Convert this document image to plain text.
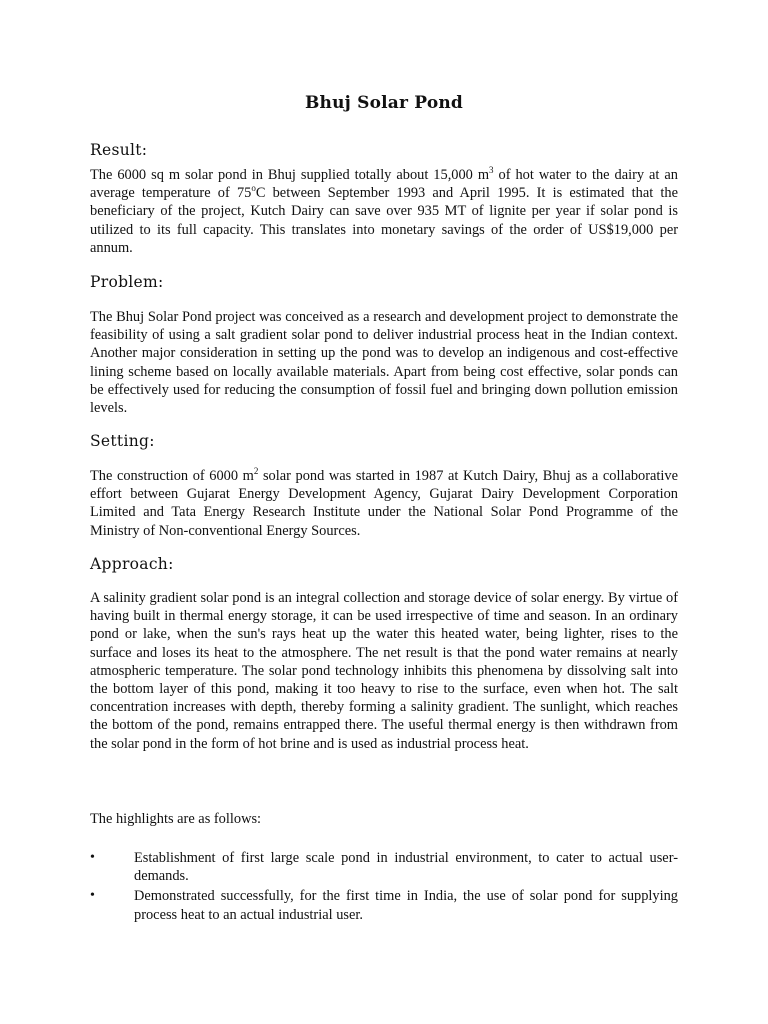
Bhuj Solar Pond
Result:
The 6000 sq m solar pond in Bhuj supplied totally about 15,000 $m^3$ of hot water to the dairy at an average temperature of 75$^o$C between September 1993 and April 1995. It is estimated that the beneficiary of the project, Kutch Dairy can save over 935 MT of lignite per year if solar pond is utilized to its full capacity. This translates into monetary savings of the order of US$19,000 per annum.
Problem:
The Bhuj Solar Pond project was conceived as a research and development project to demonstrate the feasibility of using a salt gradient solar pond to deliver industrial process heat in the Indian context. Another major consideration in setting up the pond was to develop an indigenous and cost-effective lining scheme based on locally available materials. Apart from being cost effective, solar ponds can be effectively used for reducing the consumption of fossil fuel and bringing down pollution emission levels.
Setting:
The construction of 6000 $m^2$ solar pond was started in 1987 at Kutch Dairy, Bhuj as a collaborative effort between Gujarat Energy Development Agency, Gujarat Dairy Development Corporation Limited and Tata Energy Research Institute under the National Solar Pond Programme of the Ministry of Non-conventional Energy Sources.
Approach:
A salinity gradient solar pond is an integral collection and storage device of solar energy. By virtue of having built in thermal energy storage, it can be used irrespective of time and season. In an ordinary pond or lake, when the sun's rays heat up the water this heated water, being lighter, rises to the surface and loses its heat to the atmosphere. The net result is that the pond water remains at nearly atmospheric temperature. The solar pond technology inhibits this phenomena by dissolving salt into the bottom layer of this pond, making it too heavy to rise to the surface, even when hot. The salt concentration increases with depth, thereby forming a salinity gradient. The sunlight, which reaches the bottom of the pond, remains entrapped there. The useful thermal energy is then withdrawn from the solar pond in the form of hot brine and is used as industrial process heat.
The highlights are as follows:
•	Establishment of first large scale pond in industrial environment, to cater to actual user-demands.
•	Demonstrated successfully, for the first time in India, the use of solar pond for supplying process heat to an actual industrial user.
